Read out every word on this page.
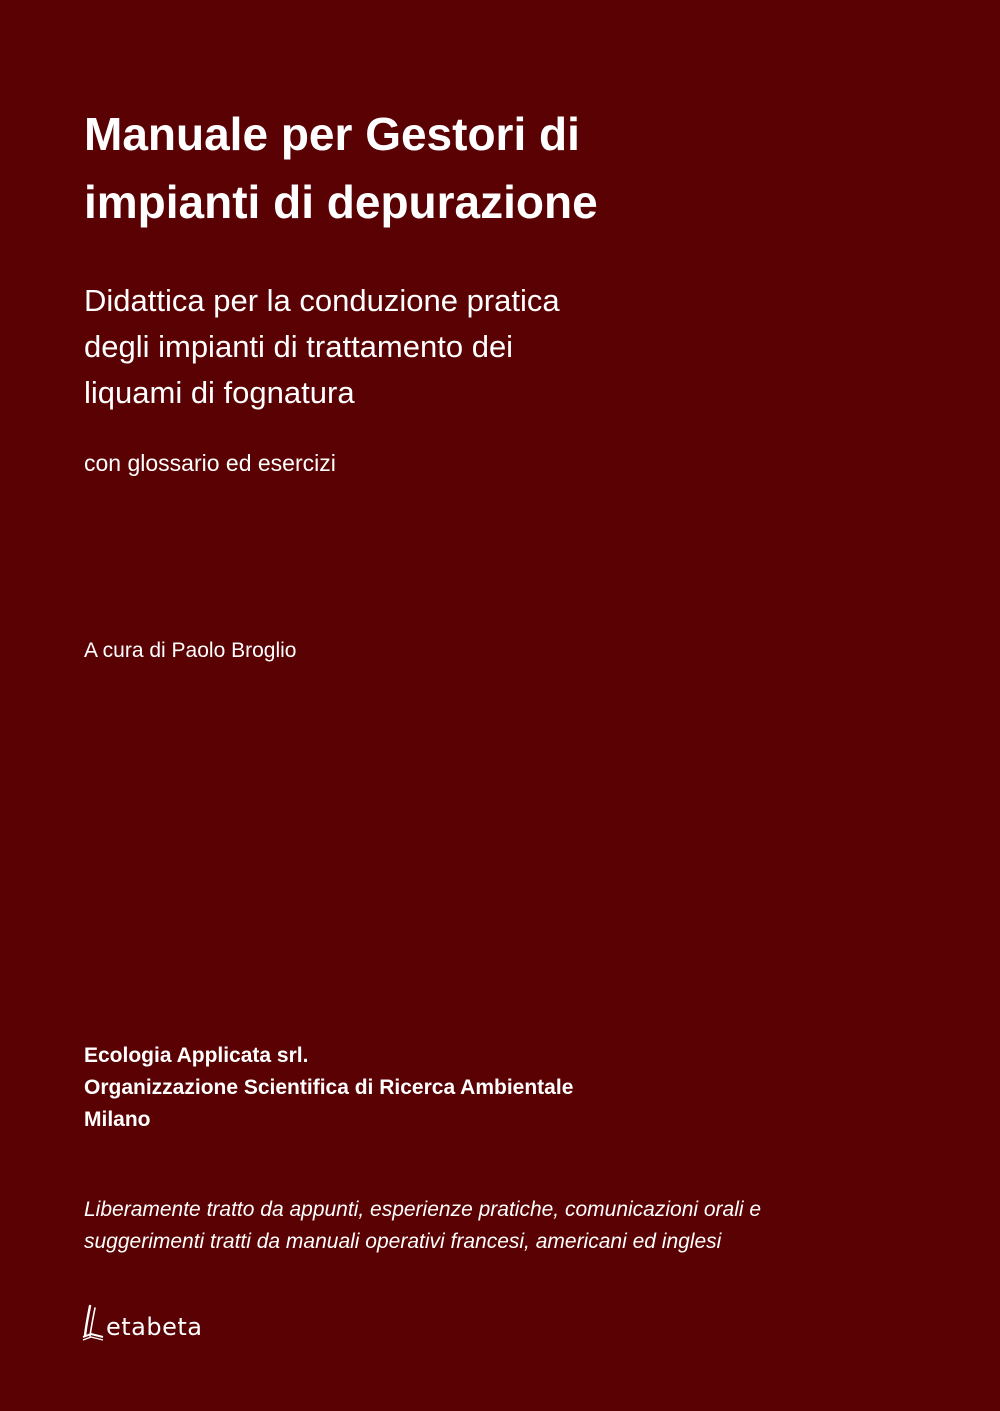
Manuale per Gestori di
impianti di depurazione
Didattica per la conduzione pratica
degli impianti di trattamento dei
liquami di fognatura
con glossario ed esercizi
A cura di Paolo Broglio
Ecologia Applicata srl.
Organizzazione Scientifica di Ricerca Ambientale
Milano
Liberamente tratto da appunti, esperienze pratiche, comunicazioni orali e
suggerimenti tratti da manuali operativi francesi, americani ed inglesi
etabeta
